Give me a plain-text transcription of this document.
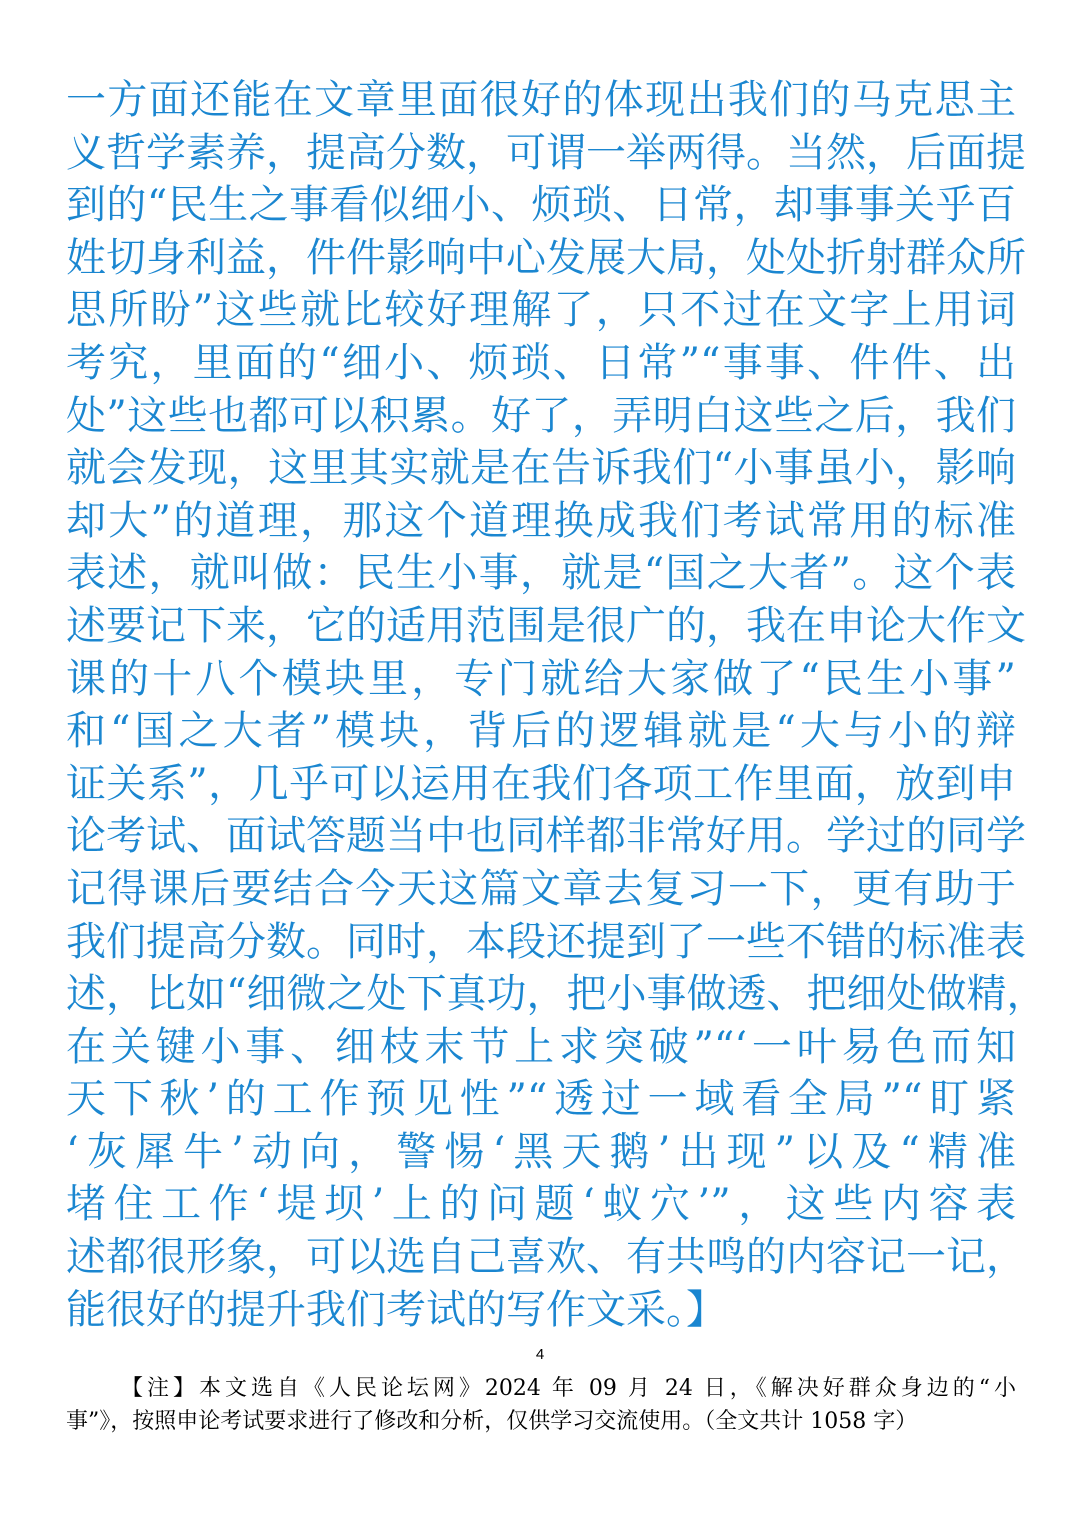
一方面还能在文章里面很好的体现出我们的马克思主
义哲学素养，提高分数，可谓一举两得。当然，后面提
到的“民生之事看似细小、烦琐、日常，却事事关乎百
姓切身利益，件件影响中心发展大局，处处折射群众所
思所盼”这些就比较好理解了，只不过在文字上用词
考究，里面的“细小、烦琐、日常”“事事、件件、出
处”这些也都可以积累。好了，弄明白这些之后，我们
就会发现，这里其实就是在告诉我们“小事虽小，影响
却大”的道理，那这个道理换成我们考试常用的标准
表述，就叫做：民生小事，就是“国之大者”。这个表
述要记下来，它的适用范围是很广的，我在申论大作文
课的十八个模块里，专门就给大家做了“民生小事”
和“国之大者”模块，背后的逻辑就是“大与小的辩
证关系”，几乎可以运用在我们各项工作里面，放到申
论考试、面试答题当中也同样都非常好用。学过的同学
记得课后要结合今天这篇文章去复习一下，更有助于
我们提高分数。同时，本段还提到了一些不错的标准表
述，比如“细微之处下真功，把小事做透、把细处做精，
在关键小事、细枝末节上求突破”“‘一叶易色而知
天下秋’的工作预见性”“透过一域看全局”“盯紧
‘灰犀牛’动向，警惕‘黑天鹅’出现”以及“精准
堵住工作‘堤坝’上的问题‘蚁穴’”，这些内容表
述都很形象，可以选自己喜欢、有共鸣的内容记一记，
能很好的提升我们考试的写作文采。】
4
【注】本文选自《人民论坛网》2024 年 09 月 24 日，《解决好群众身边的“小
事”》，按照申论考试要求进行了修改和分析，仅供学习交流使用。（全文共计 1058 字）
